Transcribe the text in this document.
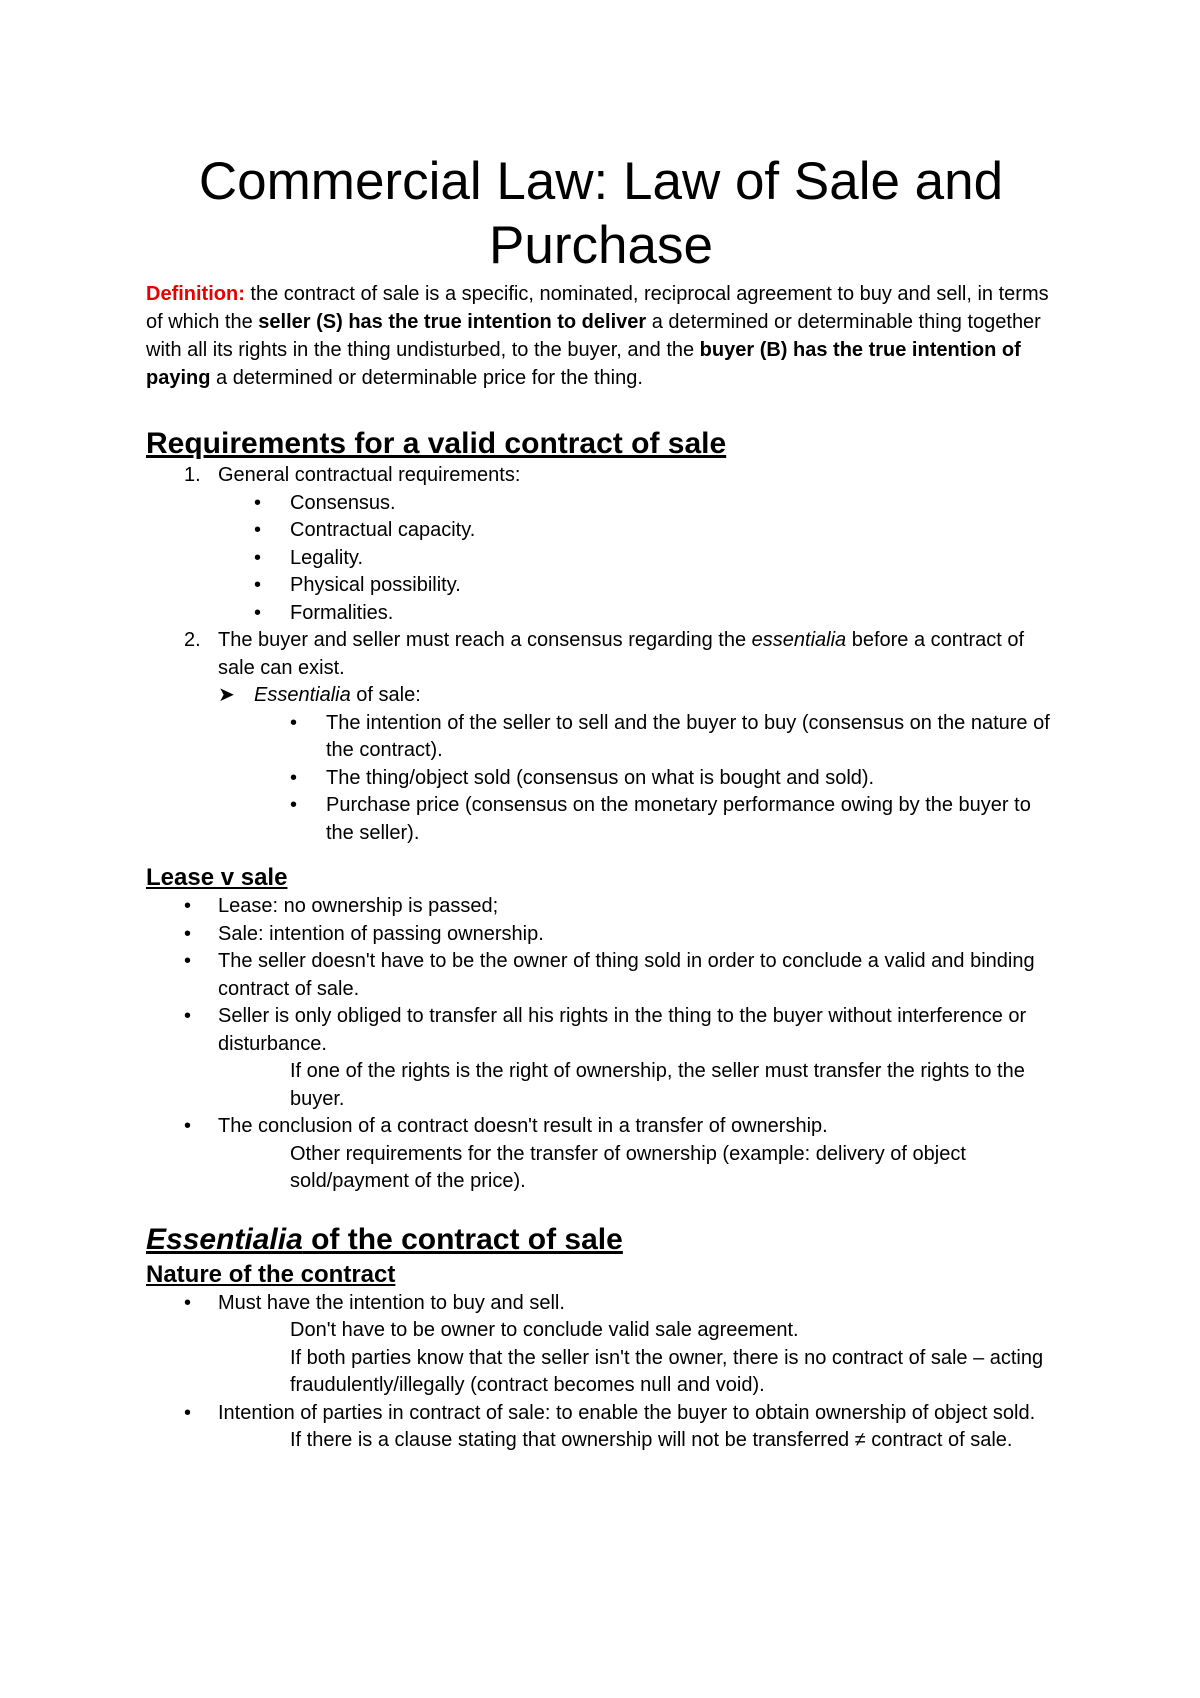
Commercial Law: Law of Sale and Purchase

Definition: the contract of sale is a specific, nominated, reciprocal agreement to buy and sell, in terms of which the seller (S) has the true intention to deliver a determined or determinable thing together with all its rights in the thing undisturbed, to the buyer, and the buyer (B) has the true intention of paying a determined or determinable price for the thing.

Requirements for a valid contract of sale
1. General contractual requirements:
• Consensus.
• Contractual capacity.
• Legality.
• Physical possibility.
• Formalities.
2. The buyer and seller must reach a consensus regarding the essentialia before a contract of sale can exist.
➤ Essentialia of sale:
• The intention of the seller to sell and the buyer to buy (consensus on the nature of the contract).
• The thing/object sold (consensus on what is bought and sold).
• Purchase price (consensus on the monetary performance owing by the buyer to the seller).
Lease v sale
• Lease: no ownership is passed;
• Sale: intention of passing ownership.
• The seller doesn't have to be the owner of thing sold in order to conclude a valid and binding contract of sale.
• Seller is only obliged to transfer all his rights in the thing to the buyer without interference or disturbance.
If one of the rights is the right of ownership, the seller must transfer the rights to the buyer.
• The conclusion of a contract doesn't result in a transfer of ownership.
Other requirements for the transfer of ownership (example: delivery of object sold/payment of the price).
Essentialia of the contract of sale
Nature of the contract
• Must have the intention to buy and sell.
Don't have to be owner to conclude valid sale agreement.
If both parties know that the seller isn't the owner, there is no contract of sale – acting fraudulently/illegally (contract becomes null and void).
• Intention of parties in contract of sale: to enable the buyer to obtain ownership of object sold.
If there is a clause stating that ownership will not be transferred ≠ contract of sale.
